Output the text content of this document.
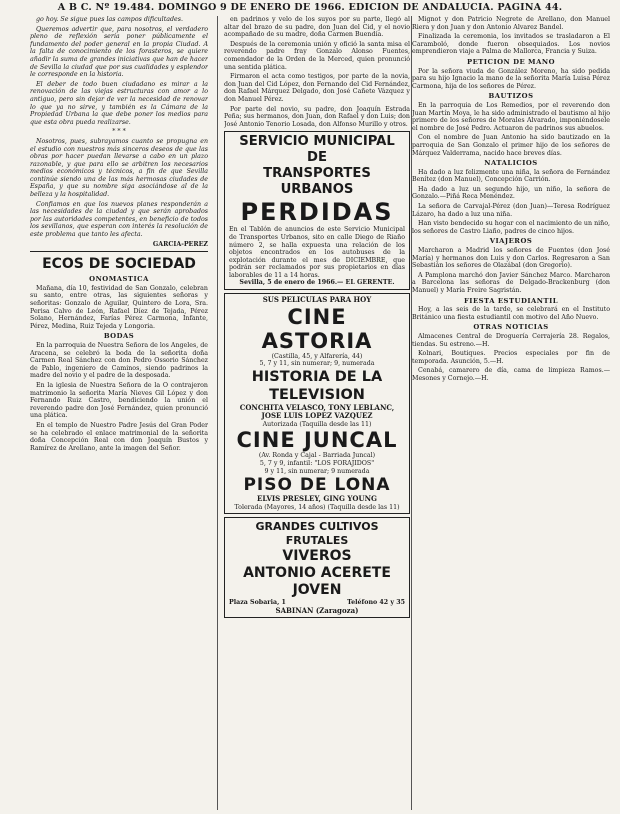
A B C. Nº 19.484. DOMINGO 9 DE ENERO DE 1966. EDICION DE ANDALUCIA. PAGINA 44.

go hoy. Se sigue pues las campos dificultades.

Queremos advertir que, para nosotros, el verdadero pleno de reflexión sería poner públicamente el fundamento del poder general en la propia Ciudad. A la falta de conocimiento de los forasteros, se quiere añadir la suma de grandes iniciativas que han de hacer de Sevilla la ciudad que por sus cualidades y esplendor le corresponde en la historia.

El deber de todo buen ciudadano es mirar a la renovación de las viejas estructuras con amor a lo antiguo, pero sin dejar de ver la necesidad de renovar lo que ya no sirve, y también es la Cámara de la Propiedad Urbana la que debe poner los medios para que esta obra pueda realizarse.

* * *

Nosotros, pues, subrayamos cuanto se propugna en el estudio con nuestros más sinceros deseos de que las obras por hacer puedan llevarse a cabo en un plazo razonable, y que para ello se arbitren los necesarios medios económicos y técnicos, a fin de que Sevilla continúe siendo una de las más hermosas ciudades de España, y que su nombre siga asociándose al de la belleza y la hospitalidad.

Confiamos en que los nuevos planes responderán a las necesidades de la ciudad y que serán aprobados por las autoridades competentes, en beneficio de todos los sevillanos, que esperan con interés la resolución de este problema que tanto les afecta.

GARCIA-PEREZ
ECOS DE SOCIEDAD
ONOMASTICA

Mañana, día 10, festividad de San Gonzalo, celebran su santo, entre otras, las siguientes señoras y señoritas: Gonzalo de Aguilar, Quintero de Lora, Sra. Perisa Calvo de León, Rafael Díez de Tejada, Pérez Solano, Hernández, Farías Pérez Carmona, Infante, Pérez, Medina, Ruiz Tejeda y Longoria.

BODAS

En la parroquia de Nuestra Señora de los Angeles, de Aracena, se celebró la boda de la señorita doña Carmen Real Sánchez con don Pedro Ossorio Sánchez de Pablo, ingeniero de Caminos, siendo padrinos la madre del novio y el padre de la desposada.

En la iglesia de Nuestra Señora de la O contrajeron matrimonio la señorita María Nieves Gil López y don Fernando Ruiz Castro, bendiciendo la unión el reverendo padre don José Fernández, quien pronunció una plática.

En el templo de Nuestro Padre Jesús del Gran Poder se ha celebrado el enlace matrimonial de la señorita doña Concepción Real con don Joaquín Bustos y Ramírez de Arellano, ante la imagen del Señor.

en padrinos y velo de los suyos por su parte, llegó al altar del brazo de su padre, don Juan del Cid, y el novio acompañado de su madre, doña Carmen Buendía.

Después de la ceremonia unión y ofició la santa misa el reverendo padre fray Gonzalo Alonso Fuentes, comendador de la Orden de la Merced, quien pronunció una sentida plática.

Firmaron el acta como testigos, por parte de la novia, don Juan del Cid López, don Fernando del Cid Fernández, don Rafael Márquez Delgado, don José Cañete Vázquez y don Manuel Pérez.

Por parte del novio, su padre, don Joaquín Estrada Peña; sus hermanos, don Juan, don Rafael y don Luis; don José Antonio Tenorio Losada, don Alfonso Murillo y otros.

SERVICIO MUNICIPAL DE
TRANSPORTES URBANOS
PERDIDAS
En el Tablón de anuncios de este Servicio Municipal de Transportes Urbanos, sito en calle Diego de Riaño número 2, se halla expuesta una relación de los objetos encontrados en los autobuses de la explotación durante el mes de DICIEMBRE, que podrán ser reclamados por sus propietarios en días laborables de 11 a 14 horas.
Sevilla, 5 de enero de 1966.— EL GERENTE.
SUS PELICULAS PARA HOY
CINE ASTORIA
(Castilla, 45, y Alfarería, 44)
5, 7 y 11, sin numerar; 9, numerada
HISTORIA DE LA TELEVISION
CONCHITA VELASCO, TONY LEBLANC, JOSE LUIS LOPEZ VAZQUEZ
Autorizada (Taquilla desde las 11)
CINE JUNCAL
(Av. Ronda y Cajal - Barriada Juncal)
5, 7 y 9, infantil: "LOS FORAJIDOS"
9 y 11, sin numerar; 9 numerada
PISO DE LONA
ELVIS PRESLEY, GING YOUNG
Tolerada (Mayores, 14 años) (Taquilla desde las 11)
GRANDES CULTIVOS FRUTALES
VIVEROS
ANTONIO ACERETE JOVEN
Plaza Sobaria, 1	Teléfono 42 y 35
SABINAN (Zaragoza)

Mignot y don Patricio Negrete de Arellano, don Manuel Riera y don Juan y don Antonio Alvarez Bandel.

Finalizada la ceremonia, los invitados se trasladaron a El Caramboló, donde fueron obsequiados. Los novios emprendieron viaje a Palma de Mallorca, Francia y Suiza.

PETICION DE MANO

Por la señora viuda de González Moreno, ha sido pedida para su hijo Ignacio la mano de la señorita María Luisa Pérez Carmona, hija de los señores de Pérez.

BAUTIZOS

En la parroquia de Los Remedios, por el reverendo don Juan Martín Moya, le ha sido administrado el bautismo al hijo primero de los señores de Morales Alvarado, imponiéndosele el nombre de José Pedro. Actuaron de padrinos sus abuelos.

Con el nombre de Juan Antonio ha sido bautizado en la parroquia de San Gonzalo el primer hijo de los señores de Márquez Valderrama, nacido hace breves días.

NATALICIOS

Ha dado a luz felizmente una niña, la señora de Fernández Benítez (don Manuel), Concepción Carrión.

Ha dado a luz un segundo hijo, un niño, la señora de Gonzalo.—Piñá Reca Menéndez.

La señora de Carvajal-Pérez (don Juan)—Teresa Rodríguez Lázaro, ha dado a luz una niña.

Han visto bendecido su hogar con el nacimiento de un niño, los señores de Castro Liaño, padres de cinco hijos.

VIAJEROS

Marcharon a Madrid los señores de Fuentes (don José María) y hermanos don Luis y don Carlos. Regresaron a San Sebastián los señores de Olazábal (don Gregorio).

A Pamplona marchó don Javier Sánchez Marco. Marcharon a Barcelona las señoras de Delgado-Brackenburg (don Manuel) y María Freire Sagristán.

FIESTA ESTUDIANTIL

Hoy, a las seis de la tarde, se celebrará en el Instituto Británico una fiesta estudiantil con motivo del Año Nuevo.

OTRAS NOTICIAS

Almacenes Central de Droguería Cerrajería 28. Regalos, tiendas. Su estreno.—H.

Kolnari, Boutiques. Precios especiales por fin de temporada. Asunción, 5.—H.

Cenabá, camarero de día, cama de limpieza Ramos.—Mesones y Cornejo.—H.
